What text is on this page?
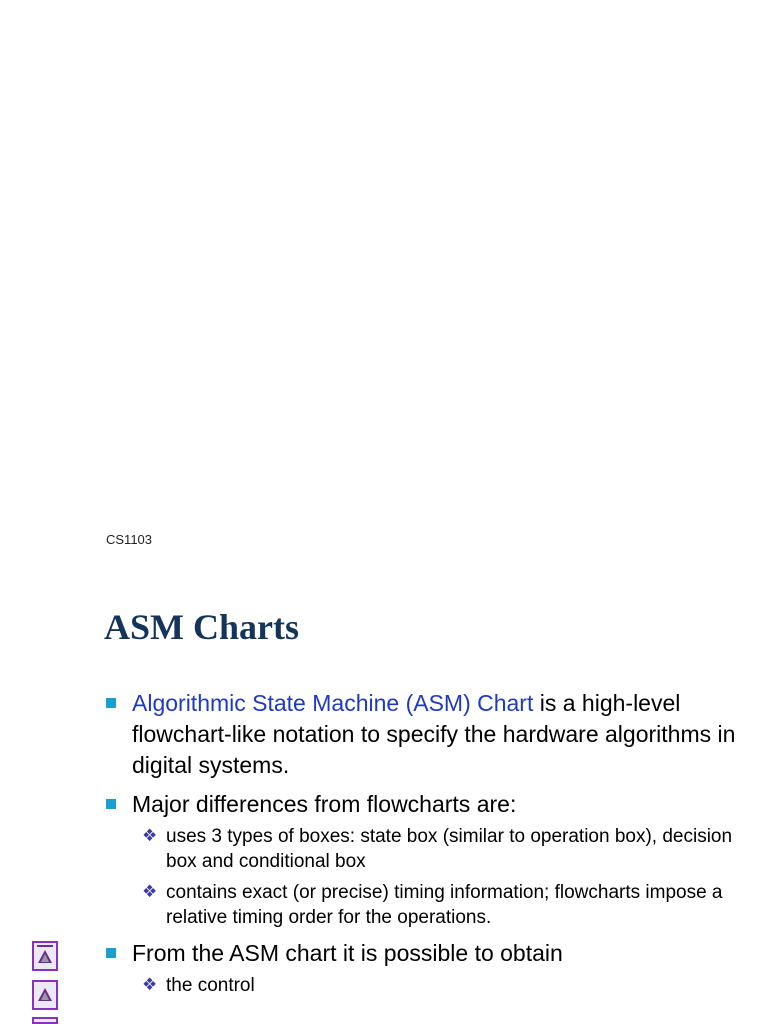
CS1103
ASM Charts
Algorithmic State Machine (ASM) Chart is a high-level flowchart-like notation to specify the hardware algorithms in digital systems.
Major differences from flowcharts are:
❖ uses 3 types of boxes: state box (similar to operation box), decision box and conditional box
❖ contains exact (or precise) timing information; flowcharts impose a relative timing order for the operations.
From the ASM chart it is possible to obtain
❖ the control
